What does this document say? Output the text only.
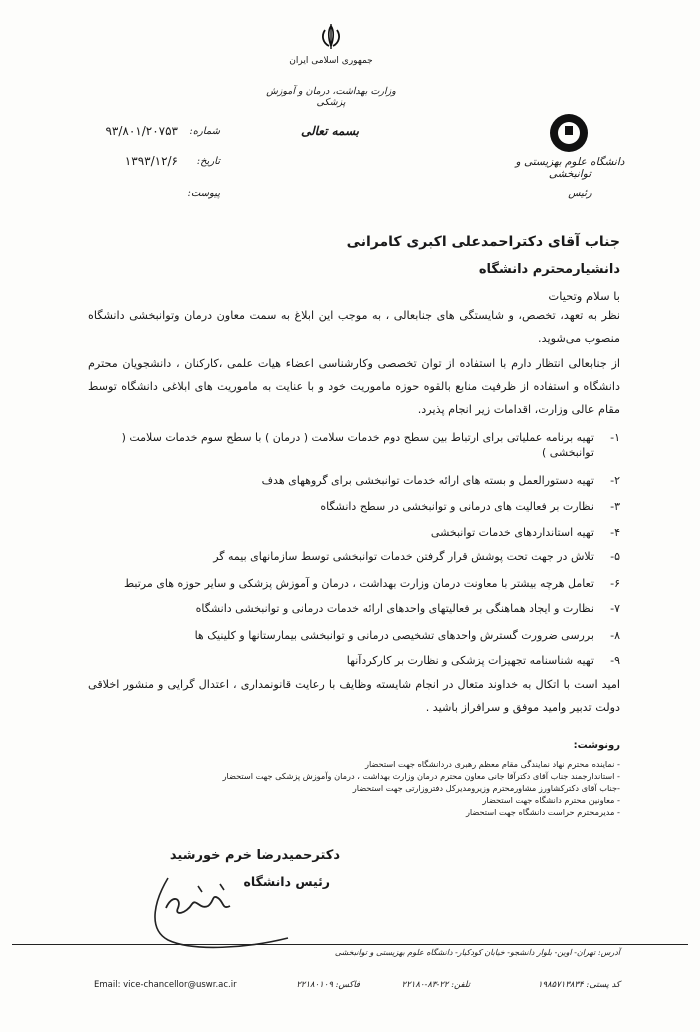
جمهوری اسلامی ایران
وزارت بهداشت، درمان و آموزش پزشکی
بسمه تعالی
دانشگاه علوم بهزیستی و توانبخشی
رئیس
شماره:
۹۳/۸۰۱/۲۰۷۵۳
تاریخ:
۱۳۹۳/۱۲/۶
پیوست:
جناب آقای دکتراحمدعلی اکبری کامرانی
دانشیارمحترم دانشگاه
با سلام وتحیات
نظر به تعهد، تخصص، و شایستگی های جنابعالی ، به موجب این ابلاغ به سمت معاون درمان وتوانبخشی دانشگاه منصوب می‌شوید.
از جنابعالی انتظار دارم با استفاده از توان تخصصی وکارشناسی اعضاء هیات علمی ،کارکنان ، دانشجویان محترم دانشگاه و استفاده از ظرفیت منابع بالقوه حوزه ماموریت خود و با عنایت به ماموریت های ابلاغی دانشگاه توسط مقام عالی وزارت، اقدامات زیر انجام پذیرد.
۱-
تهیه برنامه عملیاتی برای ارتباط بین سطح دوم خدمات سلامت ( درمان ) با سطح سوم خدمات سلامت ( توانبخشی )
۲-
تهیه دستورالعمل و بسته های ارائه خدمات توانبخشی برای گروههای هدف
۳-
نظارت بر فعالیت های درمانی و توانبخشی در سطح دانشگاه
۴-
تهیه استانداردهای خدمات توانبخشی
۵-
تلاش در جهت تحت پوشش قرار گرفتن خدمات توانبخشی توسط سازمانهای بیمه گر
۶-
تعامل هرچه بیشتر با معاونت درمان وزارت بهداشت ، درمان و آموزش پزشکی و سایر حوزه های مرتبط
۷-
نظارت و ایجاد هماهنگی بر فعالیتهای واحدهای ارائه خدمات درمانی و توانبخشی دانشگاه
۸-
بررسی ضرورت گسترش واحدهای تشخیصی درمانی و توانبخشی بیمارستانها و کلینیک ها
۹-
تهیه شناسنامه تجهیزات پزشکی و نظارت بر کارکردآنها
امید است با اتکال به خداوند متعال در انجام شایسته وظایف با رعایت قانونمداری ، اعتدال گرایی و منشور اخلاقی دولت تدبیر وامید موفق و سرافراز باشید .
رونوشت:
- نماینده محترم نهاد نمایندگی مقام معظم رهبری دردانشگاه جهت استحضار
- استاندارجمند جناب آقای دکترآقا جانی معاون محترم درمان وزارت بهداشت ، درمان وآموزش پزشکی جهت استحضار
-جناب آقای دکترکشاورز مشاورمحترم وزیرومدیرکل دفتروزارتی جهت استحضار
- معاونین محترم دانشگاه جهت استحضار
- مدیرمحترم حراست دانشگاه جهت استحضار
دکترحمیدرضا خرم خورشید
رئیس دانشگاه
آدرس: تهران- اوین- بلوار دانشجو- خیابان کودکیار- دانشگاه علوم بهزیستی و توانبخشی
کد پستی: ۱۹۸۵۷۱۳۸۳۴
تلفن: ۲۲-۸۳-۲۲۱۸۰
فاکس: ۲۲۱۸۰۱۰۹
Email: vice-chancellor@uswr.ac.ir
